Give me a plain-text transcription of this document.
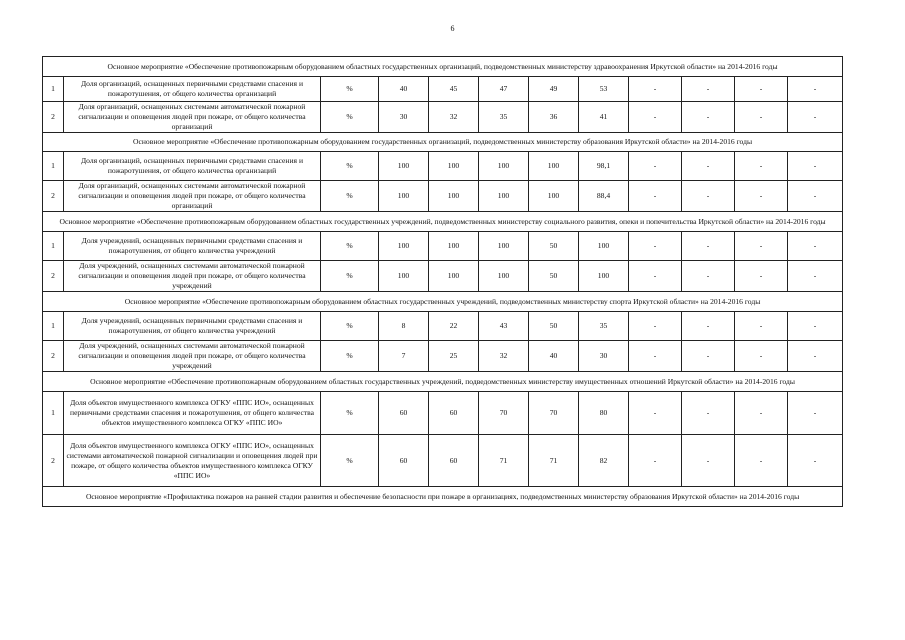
6
Основное мероприятие «Обеспечение противопожарным оборудованием областных государственных организаций, подведомственных министерству здравоохранения Иркутской области» на 2014-2016 годы											
1	Доля организаций, оснащенных первичными средствами спасения и пожаротушения, от общего количества организаций	%	40	45	47	49	53	-	-	-	-
2	Доля организаций, оснащенных системами автоматической пожарной сигнализации и оповещения людей при пожаре, от общего количества организаций	%	30	32	35	36	41	-	-	-	-
Основное мероприятие «Обеспечение противопожарным оборудованием государственных организаций, подведомственных министерству образования Иркутской области» на 2014-2016 годы											
1	Доля организаций, оснащенных первичными средствами спасения и пожаротушения, от общего количества организаций	%	100	100	100	100	98,1	-	-	-	-
2	Доля организаций, оснащенных системами автоматической пожарной сигнализации и оповещения людей при пожаре, от общего количества организаций	%	100	100	100	100	88,4	-	-	-	-
Основное мероприятие «Обеспечение противопожарным оборудованием областных государственных учреждений, подведомственных министерству социального развития, опеки и попечительства Иркутской области» на 2014-2016 годы											
1	Доля учреждений, оснащенных первичными средствами спасения и пожаротушения, от общего количества учреждений	%	100	100	100	50	100	-	-	-	-
2	Доля учреждений, оснащенных системами автоматической пожарной сигнализации и оповещения людей при пожаре, от общего количества учреждений	%	100	100	100	50	100	-	-	-	-
Основное мероприятие «Обеспечение противопожарным оборудованием областных государственных учреждений, подведомственных министерству спорта Иркутской области» на 2014-2016 годы											
1	Доля учреждений, оснащенных первичными средствами спасения и пожаротушения, от общего количества учреждений	%	8	22	43	50	35	-	-	-	-
2	Доля учреждений, оснащенных системами автоматической пожарной сигнализации и оповещения людей при пожаре, от общего количества учреждений	%	7	25	32	40	30	-	-	-	-
Основное мероприятие «Обеспечение противопожарным оборудованием областных государственных учреждений, подведомственных министерству имущественных отношений Иркутской области» на 2014-2016 годы											
1	Доля объектов имущественного комплекса ОГКУ «ППС ИО», оснащенных первичными средствами спасения и пожаротушения, от общего количества объектов имущественного комплекса ОГКУ «ППС ИО»	%	60	60	70	70	80	-	-	-	-
2	Доля объектов имущественного комплекса ОГКУ «ППС ИО», оснащенных системами автоматической пожарной сигнализации и оповещения людей при пожаре, от общего количества объектов имущественного комплекса ОГКУ «ППС ИО»	%	60	60	71	71	82	-	-	-	-
Основное мероприятие «Профилактика пожаров на ранней стадии развития и обеспечение безопасности при пожаре в организациях, подведомственных министерству образования Иркутской области» на 2014-2016 годы											
